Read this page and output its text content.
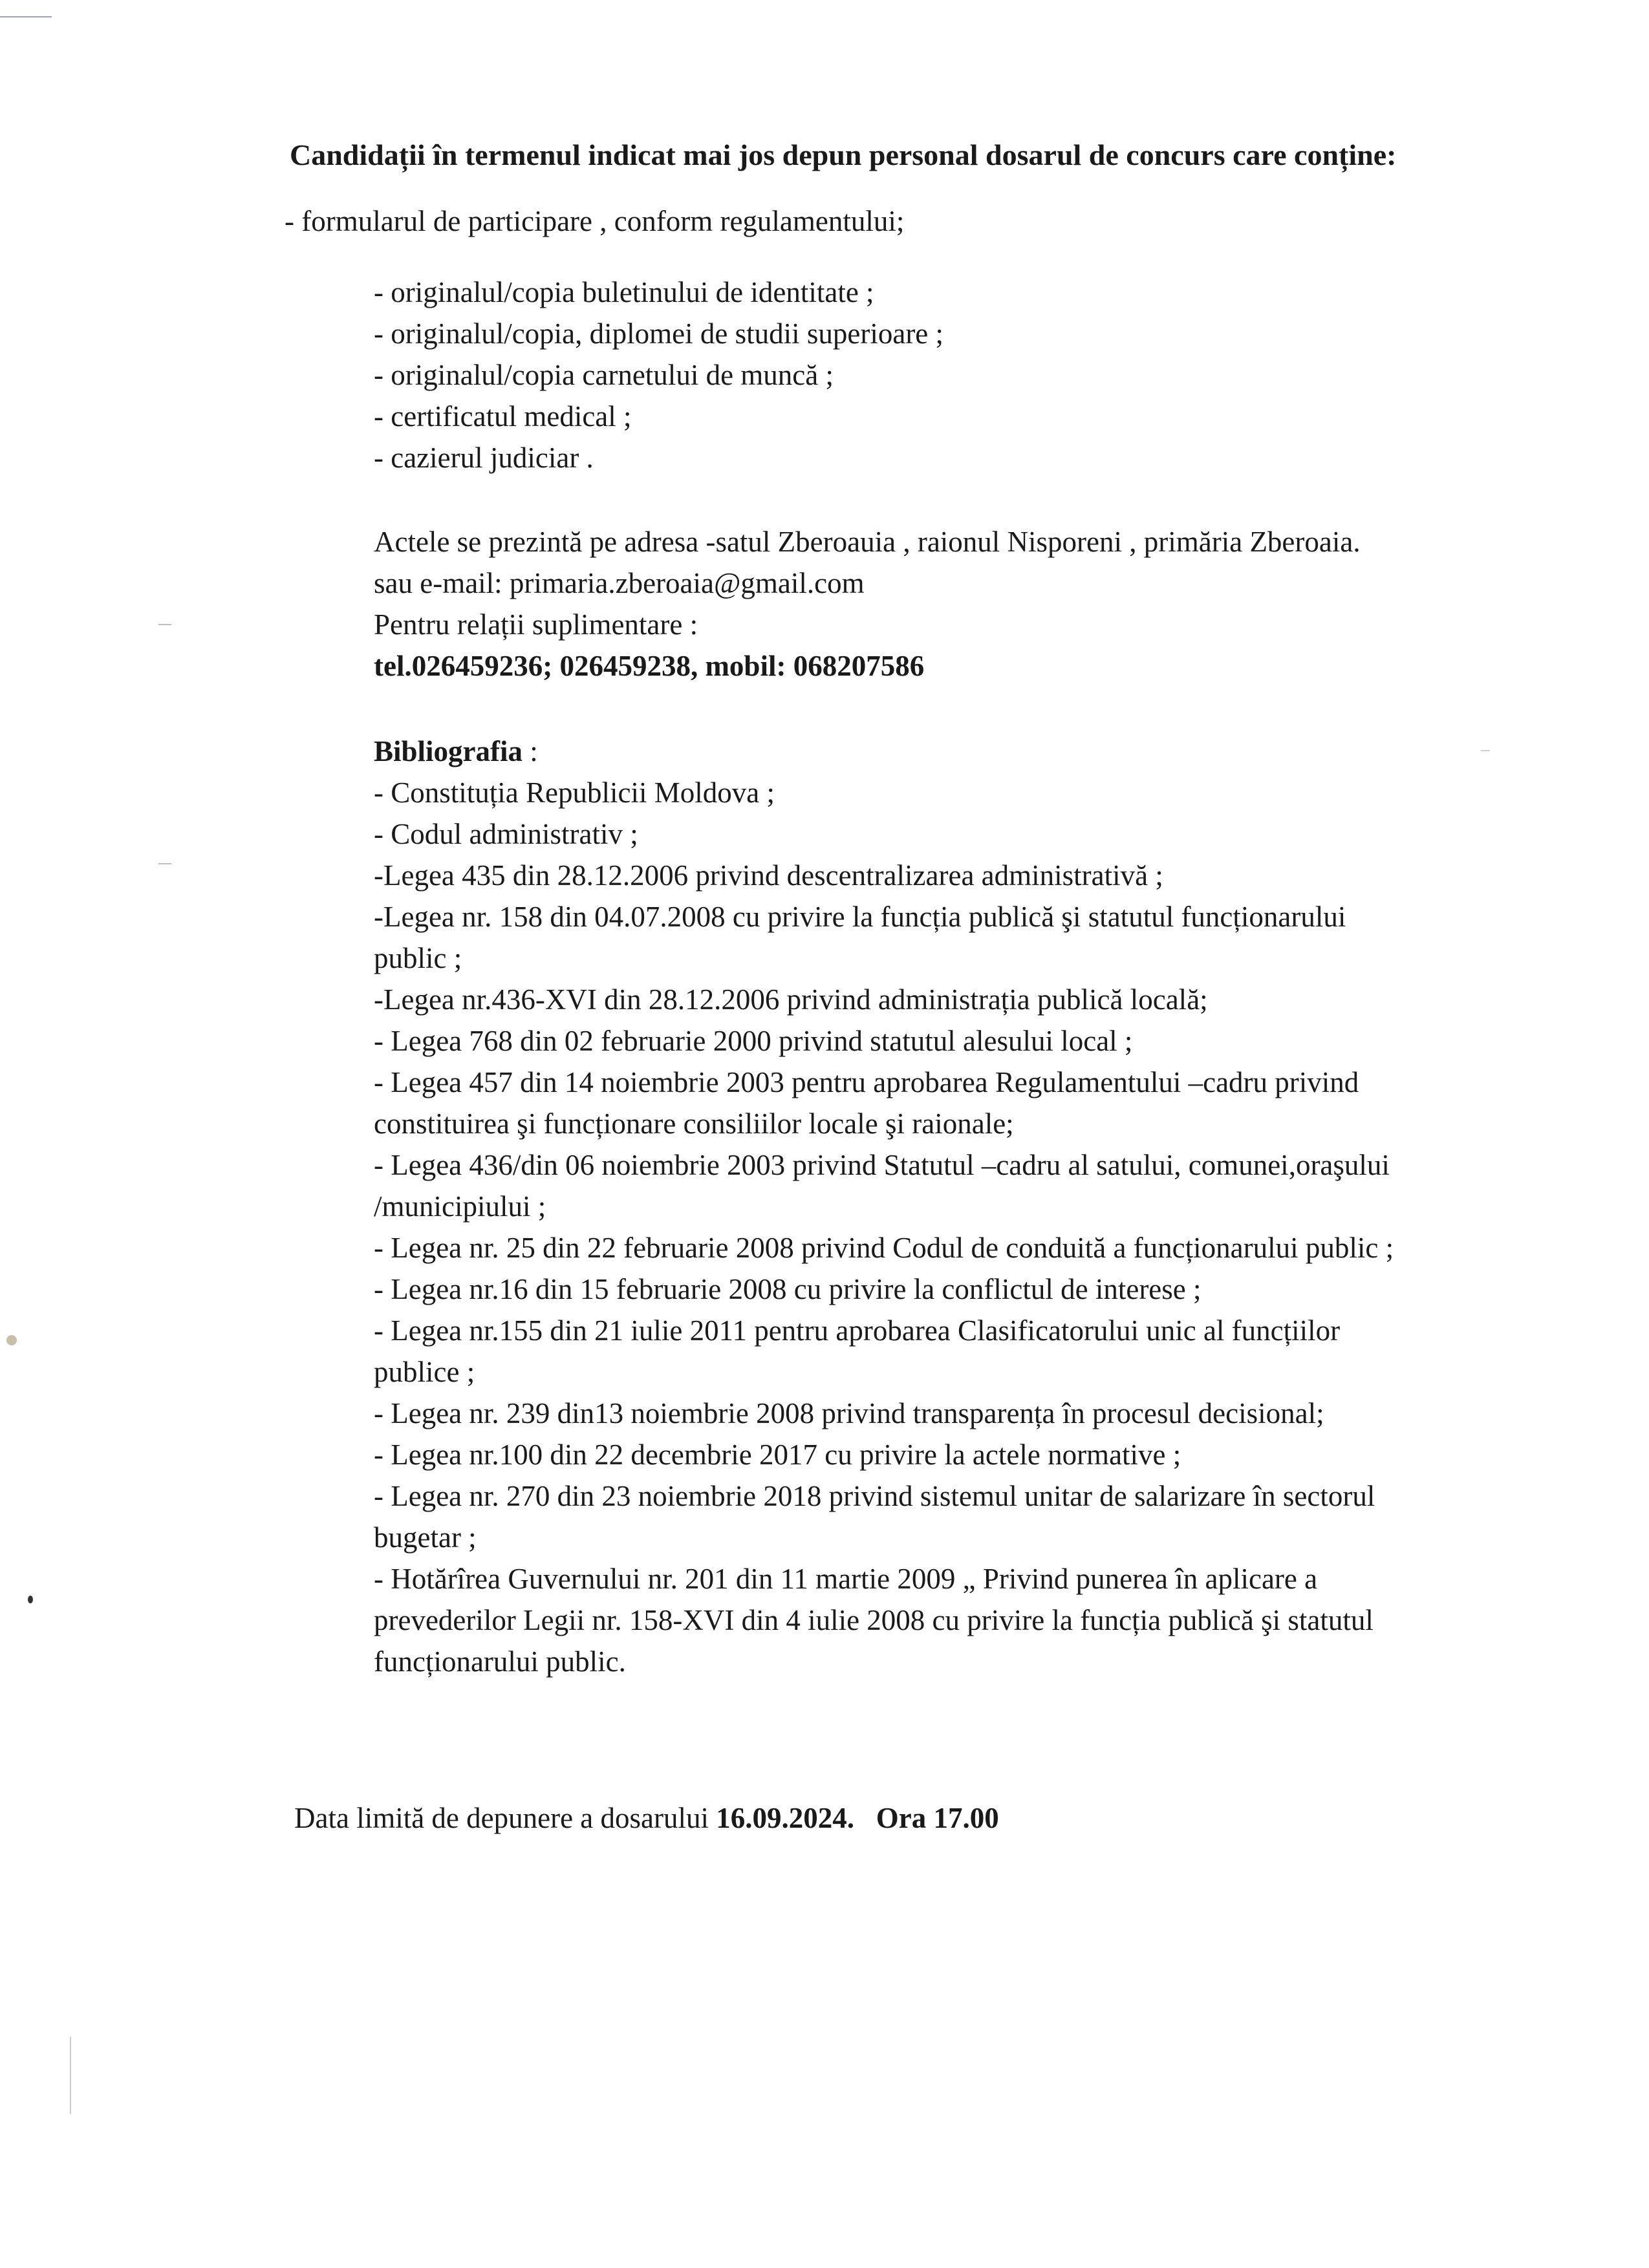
Candidații în termenul indicat mai jos depun personal dosarul de concurs care conține:

- formularul de participare , conform regulamentului;

- originalul/copia buletinului de identitate ;
- originalul/copia, diplomei de studii superioare ;
- originalul/copia carnetului de muncă ;
- certificatul medical ;
- cazierul judiciar .
Actele se prezintă pe adresa -satul Zberoauia , raionul Nisporeni , primăria Zberoaia.
sau e-mail: primaria.zberoaia@gmail.com
Pentru relații suplimentare :
tel.026459236; 026459238, mobil: 068207586
Bibliografia :
- Constituția Republicii Moldova ;
- Codul administrativ ;
-Legea 435 din 28.12.2006 privind descentralizarea administrativă ;
-Legea nr. 158 din 04.07.2008 cu privire la funcția publică şi statutul funcționarului
public ;
-Legea nr.436-XVI din 28.12.2006 privind administrația publică locală;
- Legea 768 din 02 februarie 2000 privind statutul alesului local ;
- Legea 457 din 14 noiembrie 2003 pentru aprobarea Regulamentului –cadru privind
constituirea şi funcționare consiliilor locale şi raionale;
- Legea 436/din 06 noiembrie 2003 privind Statutul –cadru al satului, comunei,oraşului
/municipiului ;
- Legea nr. 25 din 22 februarie 2008 privind Codul de conduită a funcționarului public ;
- Legea nr.16 din 15 februarie 2008 cu privire la conflictul de interese ;
- Legea nr.155 din 21 iulie 2011 pentru aprobarea Clasificatorului unic al funcțiilor
publice ;
- Legea nr. 239 din13 noiembrie 2008 privind transparența în procesul decisional;
- Legea nr.100 din 22 decembrie 2017 cu privire la actele normative ;
- Legea nr. 270 din 23 noiembrie 2018 privind sistemul unitar de salarizare în sectorul
bugetar ;
- Hotărîrea Guvernului nr. 201 din 11 martie 2009 „ Privind punerea în aplicare a
prevederilor Legii nr. 158-XVI din 4 iulie 2008 cu privire la funcția publică şi statutul
funcționarului public.

Data limită de depunere a dosarului 16.09.2024. Ora 17.00
